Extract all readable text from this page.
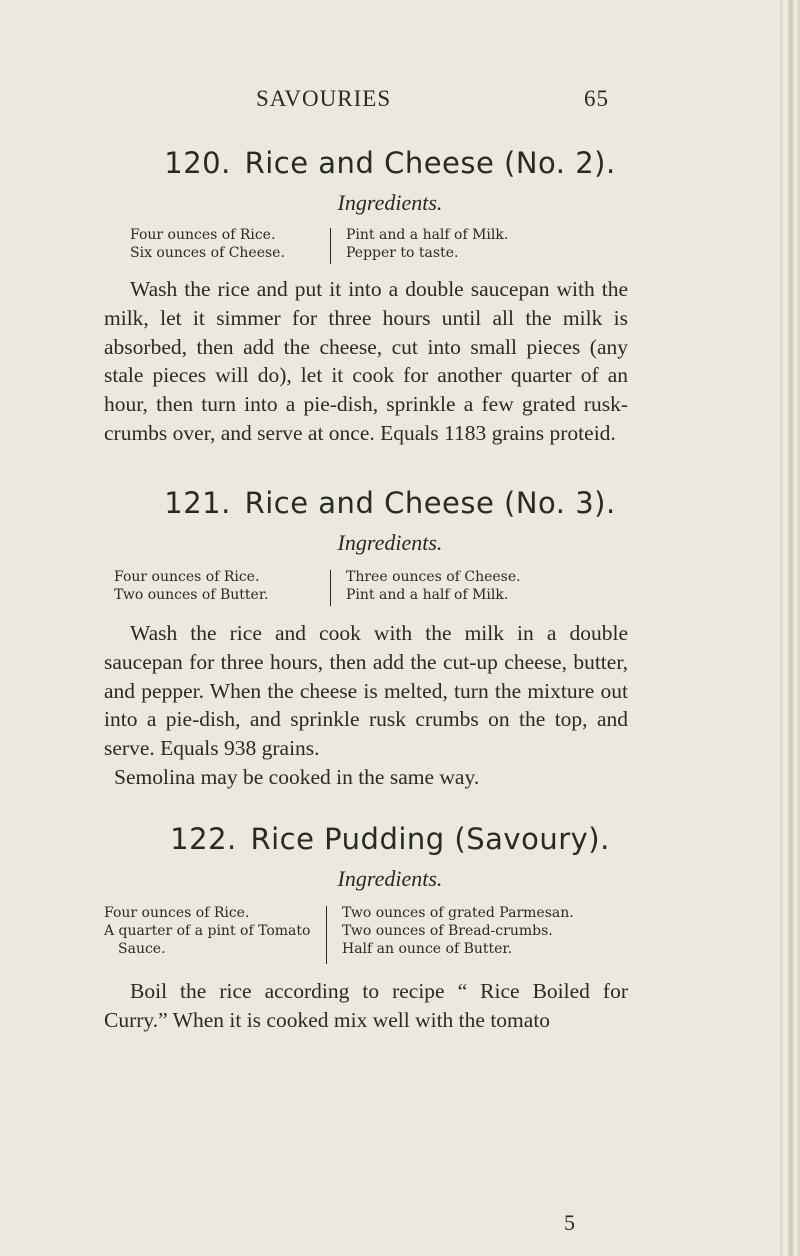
SAVOURIES	65
120. Rice and Cheese (No. 2).
Ingredients.
Four ounces of Rice.
Six ounces of Cheese.
Pint and a half of Milk.
Pepper to taste.

Wash the rice and put it into a double saucepan with the milk, let it simmer for three hours until all the milk is absorbed, then add the cheese, cut into small pieces (any stale pieces will do), let it cook for another quarter of an hour, then turn into a pie-dish, sprinkle a few grated rusk-crumbs over, and serve at once. Equals 1183 grains proteid.

121. Rice and Cheese (No. 3).
Ingredients.
Four ounces of Rice.
Two ounces of Butter.
Three ounces of Cheese.
Pint and a half of Milk.

Wash the rice and cook with the milk in a double saucepan for three hours, then add the cut-up cheese, butter, and pepper. When the cheese is melted, turn the mixture out into a pie-dish, and sprinkle rusk crumbs on the top, and serve. Equals 938 grains.

Semolina may be cooked in the same way.

122. Rice Pudding (Savoury).
Ingredients.
Four ounces of Rice.
A quarter of a pint of Tomato
Sauce.
Two ounces of grated Parmesan.
Two ounces of Bread-crumbs.
Half an ounce of Butter.

Boil the rice according to recipe “ Rice Boiled for Curry.” When it is cooked mix well with the tomato

5
